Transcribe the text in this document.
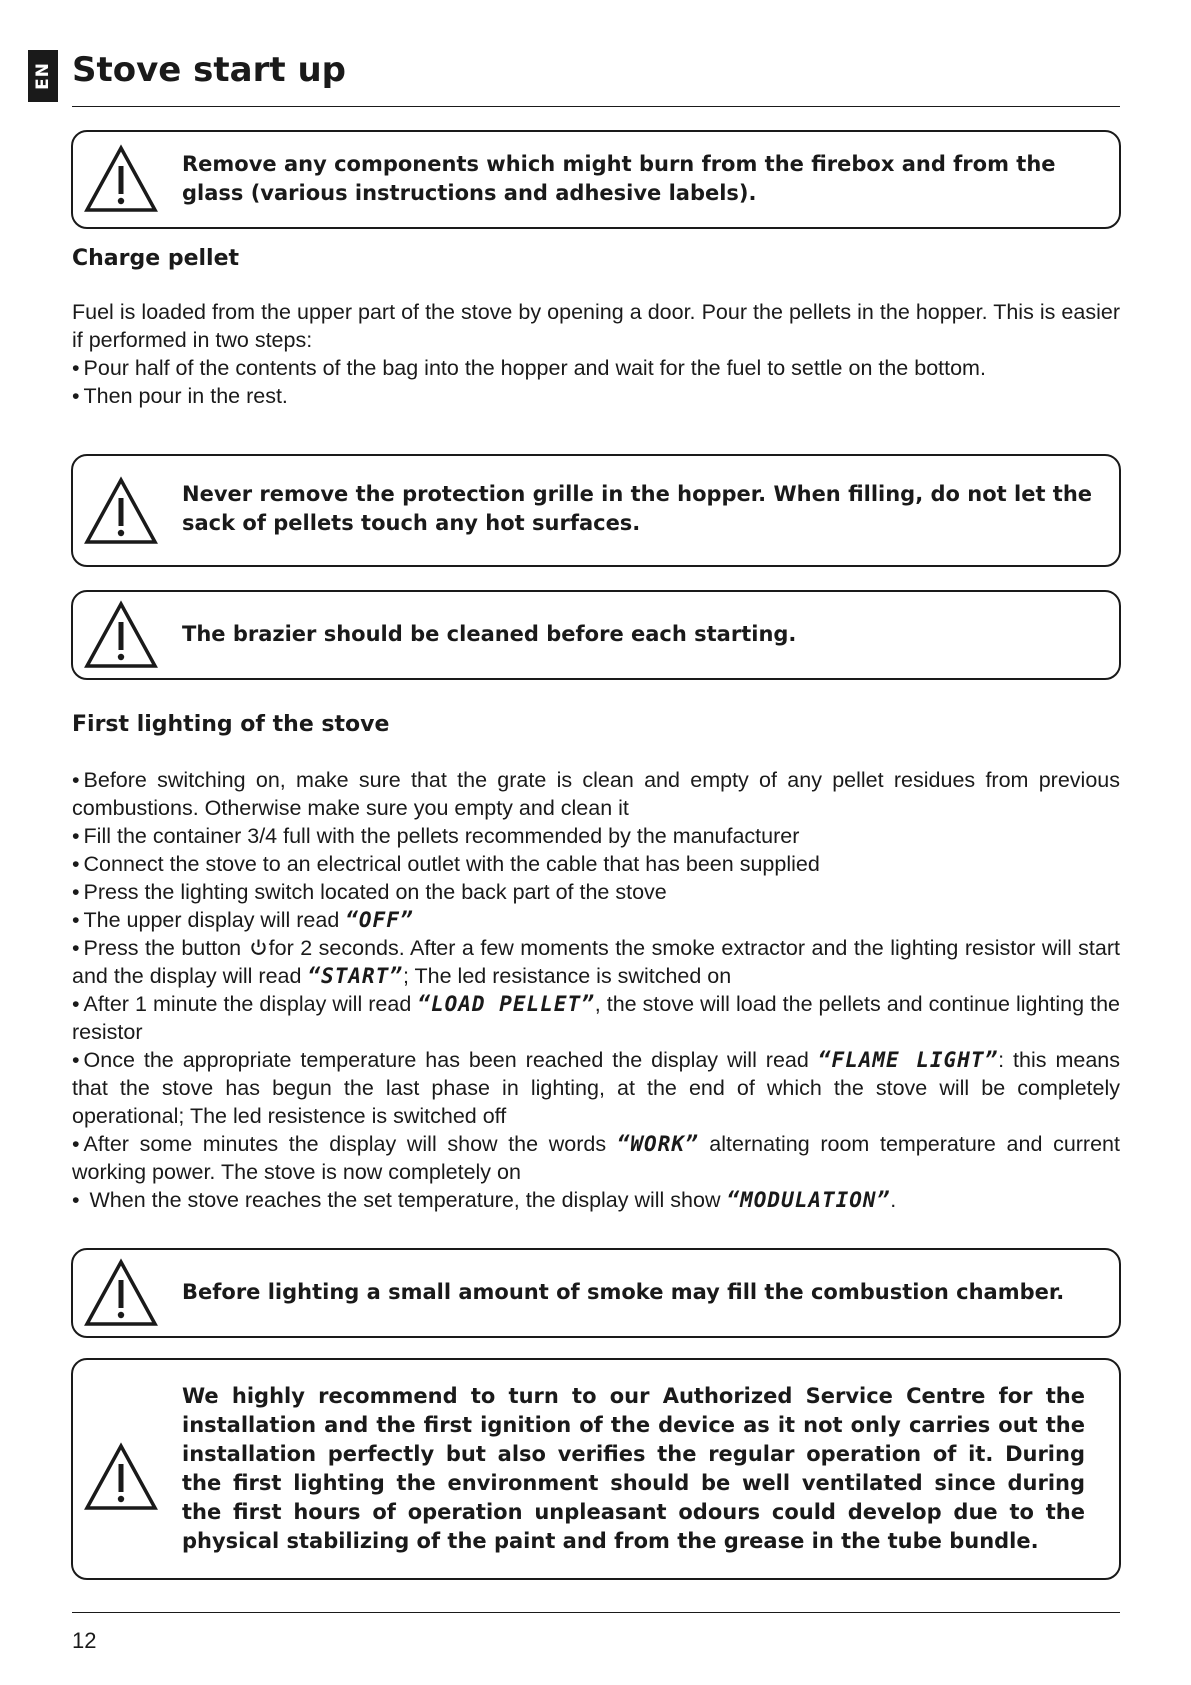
EN Stove start up
Remove any components which might burn from the firebox and from the glass (various instructions and adhesive labels).
Charge pellet

Fuel is loaded from the upper part of the stove by opening a door. Pour the pellets in the hopper. This is easier if performed in two steps:

• Pour half of the contents of the bag into the hopper and wait for the fuel to settle on the bottom.

• Then pour in the rest.

Never remove the protection grille in the hopper. When filling, do not let the sack of pellets touch any hot surfaces.
The brazier should be cleaned before each starting.
First lighting of the stove

• Before switching on, make sure that the grate is clean and empty of any pellet residues from previous combustions. Otherwise make sure you empty and clean it

• Fill the container 3/4 full with the pellets recommended by the manufacturer

• Connect the stove to an electrical outlet with the cable that has been supplied

• Press the lighting switch located on the back part of the stove

• The upper display will read “OFF”

• Press the button for 2 seconds. After a few moments the smoke extractor and the lighting resistor will start and the display will read “START”; The led resistance is switched on

• After 1 minute the display will read “LOAD PELLET”, the stove will load the pellets and continue lighting the resistor

• Once the appropriate temperature has been reached the display will read “FLAME LIGHT”: this means that the stove has begun the last phase in lighting, at the end of which the stove will be completely operational; The led resistence is switched off

• After some minutes the display will show the words “WORK” alternating room temperature and current working power. The stove is now completely on

• When the stove reaches the set temperature, the display will show “MODULATION”.

Before lighting a small amount of smoke may fill the combustion chamber.
We highly recommend to turn to our Authorized Service Centre for the installation and the first ignition of the device as it not only carries out the installation perfectly but also verifies the regular operation of it. During the first lighting the environment should be well ventilated since during the first hours of operation unpleasant odours could develop due to the physical stabilizing of the paint and from the grease in the tube bundle.
12
